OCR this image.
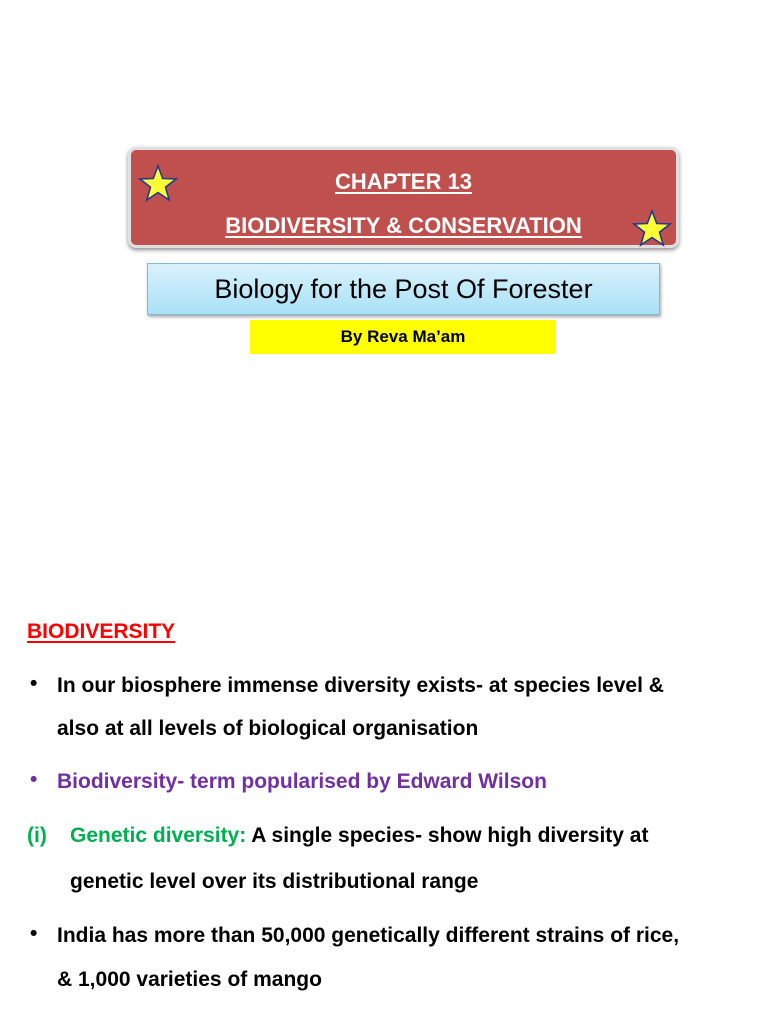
CHAPTER 13
BIODIVERSITY & CONSERVATION
Biology for the Post Of Forester
By Reva Ma’am
BIODIVERSITY
• In our biosphere immense diversity exists- at species level &
also at all levels of biological organisation
• Biodiversity- term popularised by Edward Wilson
(i) Genetic diversity: A single species- show high diversity at
genetic level over its distributional range
• India has more than 50,000 genetically different strains of rice,
& 1,000 varieties of mango
